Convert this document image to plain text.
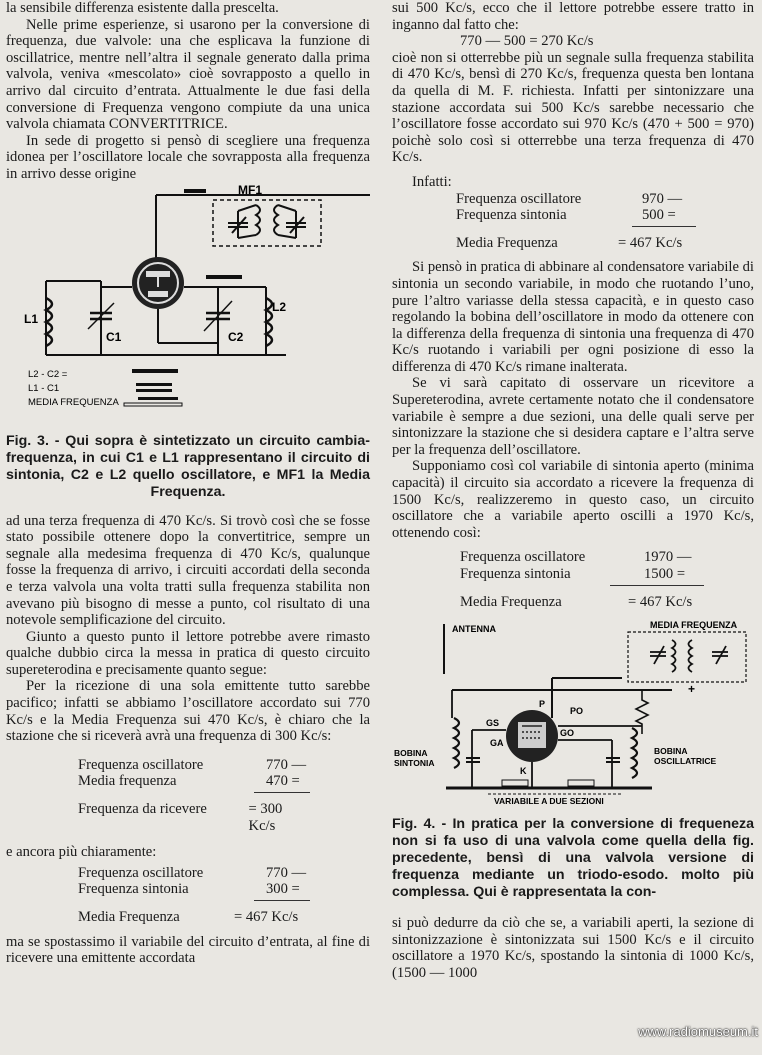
la sensibile differenza esistente dalla prescelta.

Nelle prime esperienze, si usarono per la conversione di frequenza, due valvole: una che esplicava la funzione di oscillatrice, mentre nell’altra il segnale generato dalla prima valvola, veniva «mescolato» cioè sovrapposto a quello in arrivo dal circuito d’entrata. Attualmente le due fasi della conversione di Frequenza vengono compiute da una unica valvola chiamata CONVERTITRICE.

In sede di progetto si pensò di scegliere una frequenza idonea per l’oscillatore locale che sovrapposta alla frequenza in arrivo desse origine

MF1
L1
C1	C2
L2
L2 - C2 =
L1 - C1
MEDIA FREQUENZA

Fig. 3. - Qui sopra è sintetizzato un circuito cambia-frequenza, in cui C1 e L1 rappresentano il circuito di sintonia, C2 e L2 quello oscillatore, e MF1 la Media Frequenza.

ad una terza frequenza di 470 Kc/s. Si trovò così che se fosse stato possibile ottenere dopo la convertitrice, sempre un segnale alla medesima frequenza di 470 Kc/s, qualunque fosse la frequenza di arrivo, i circuiti accordati della seconda e terza valvola una volta tratti sulla frequenza stabilita non avevano più bisogno di messe a punto, col risultato di una notevole semplificazione del circuito.

Giunto a questo punto il lettore potrebbe avere rimasto qualche dubbio circa la messa in pratica di questo circuito supereterodina e precisamente quanto segue:

Per la ricezione di una sola emittente tutto sarebbe pacifico; infatti se abbiamo l’oscillatore accordato sui 770 Kc/s e la Media Frequenza sui 470 Kc/s, è chiaro che la stazione che si riceverà avrà una frequenza di 300 Kc/s:

Frequenza oscillatore	770 —
Media frequenza	470 =
Frequenza da ricevere	= 300 Kc/s

e ancora più chiaramente:

Frequenza oscillatore	770 —
Frequenza sintonia	300 =
Media Frequenza	= 467 Kc/s

ma se spostassimo il variabile del circuito d’entrata, al fine di ricevere una emittente accordata

sui 500 Kc/s, ecco che il lettore potrebbe essere tratto in inganno dal fatto che:

770 — 500 = 270 Kc/s

cioè non si otterrebbe più un segnale sulla frequenza stabilita di 470 Kc/s, bensì di 270 Kc/s, frequenza questa ben lontana da quella di M. F. richiesta. Infatti per sintonizzare una stazione accordata sui 500 Kc/s sarebbe necessario che l’oscillatore fosse accordato sui 970 Kc/s (470 + 500 = 970) poichè solo così si otterrebbe una terza frequenza di 470 Kc/s.

Infatti:
Frequenza oscillatore	970 —
Frequenza sintonia	500 =
Media Frequenza	= 467 Kc/s

Si pensò in pratica di abbinare al condensatore variabile di sintonia un secondo variabile, in modo che ruotando l’uno, pure l’altro variasse della stessa capacità, e in questo caso regolando la bobina dell’oscillatore in modo da ottenere con la differenza della frequenza di sintonia una frequenza di 470 Kc/s ruotando i variabili per ogni posizione di esso la differenza di 470 Kc/s rimane inalterata.

Se vi sarà capitato di osservare un ricevitore a Supereterodina, avrete certamente notato che il condensatore variabile è sempre a due sezioni, una delle quali serve per sintonizzare la stazione che si desidera captare e l’altra serve per la frequenza dell’oscillatore.

Supponiamo così col variabile di sintonia aperto (minima capacità) il circuito sia accordato a ricevere la frequenza di 1500 Kc/s, realizzeremo in questo caso, un circuito oscillatore che a variabile aperto oscilli a 1970 Kc/s, ottenendo così:

Frequenza oscillatore	1970 —
Frequenza sintonia	1500 =
Media Frequenza	= 467 Kc/s
ANTENNA	MEDIA FREQUENZA
+
P
PO
GS
GA
GO
K
BOBINA
SINTONIA
BOBINA
OSCILLATRICE
VARIABILE A DUE SEZIONI

Fig. 4. - In pratica per la conversione di frequeneza non si fa uso di una valvola come quella della fig. precedente, bensì di una valvola versione di frequenza mediante un triodo-esodo. molto più complessa. Qui è rappresentata la con-

si può dedurre da ciò che se, a variabili aperti, la sezione di sintonizzazione è sintonizzata sui 1500 Kc/s e il circuito oscillatore a 1970 Kc/s, spostando la sintonia di 1000 Kc/s, (1500 — 1000

www.radiomuseum.it
